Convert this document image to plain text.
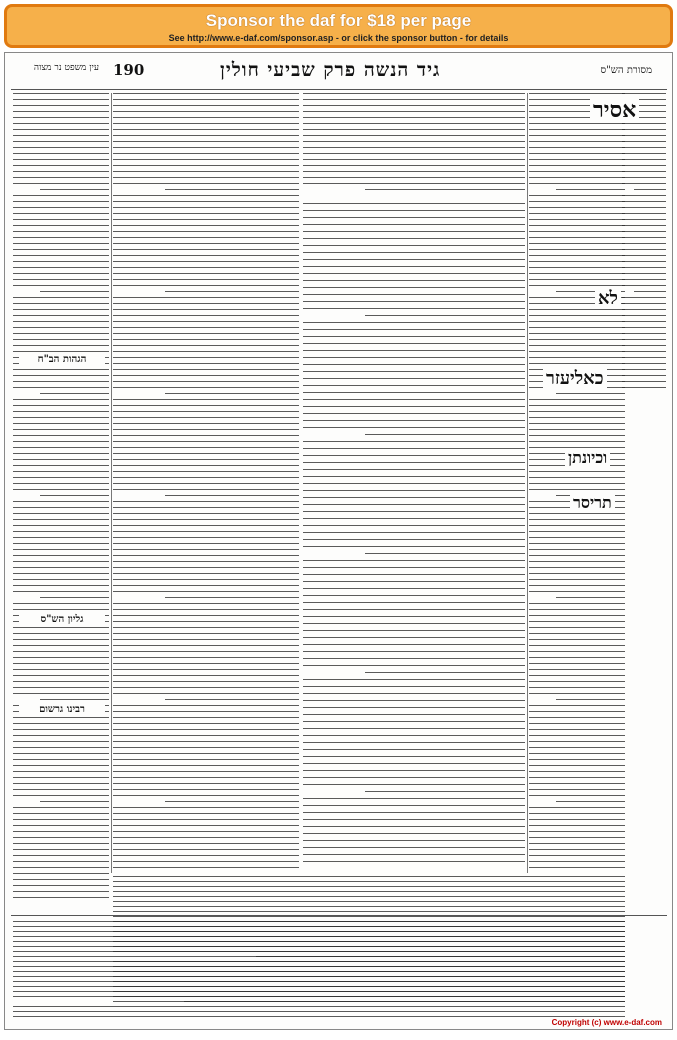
Sponsor the daf for $18 per page
See http://www.e-daf.com/sponsor.asp - or click the sponsor button - for details
עין משפט נר מצוה 190	גיד הנשה פרק שביעי חולין	מסורת הש"ס
אסיר
לא
כאליעזר
וכיונתן
תריסר
הגהות הב"ח
גליון הש"ס
רבינו גרשום
Copyright (c) www.e-daf.com
